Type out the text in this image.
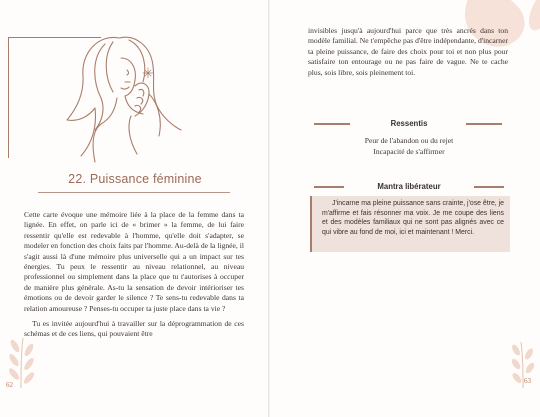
22. Puissance féminine

Cette carte évoque une mémoire liée à la place de la femme dans ta lignée. En effet, on parle ici de « brimer » la femme, de lui faire ressentir qu'elle est redevable à l'homme, qu'elle doit s'adapter, se modeler en fonction des choix faits par l'homme. Au-delà de la lignée, il s'agit aussi là d'une mémoire plus universelle qui a un impact sur tes énergies. Tu peux le ressentir au niveau relationnel, au niveau professionnel ou simplement dans la place que tu t'autorises à occuper de manière plus générale. As-tu la sensation de devoir intérioriser tes émotions ou de devoir garder le silence ? Te sens-tu redevable dans ta relation amoureuse ? Penses-tu occuper ta juste place dans ta vie ?

Tu es invitée aujourd'hui à travailler sur la déprogrammation de ces schémas et de ces liens, qui pouvaient être

62
invisibles jusqu'à aujourd'hui parce que très ancrés dans ton modèle familial. Ne t'empêche pas d'être indépendante, d'incarner ta pleine puissance, de faire des choix pour toi et non plus pour satisfaire ton entourage ou ne pas faire de vague. Ne te cache plus, sois libre, sois pleinement toi.
Ressentis
Peur de l'abandon ou du rejet
Incapacité de s'affirmer
Mantra libérateur
J'incarne ma pleine puissance sans crainte, j'ose être, je m'affirme et fais résonner ma voix. Je me coupe des liens et des modèles familiaux qui ne sont pas alignés avec ce qui vibre au fond de moi, ici et maintenant ! Merci.
63
